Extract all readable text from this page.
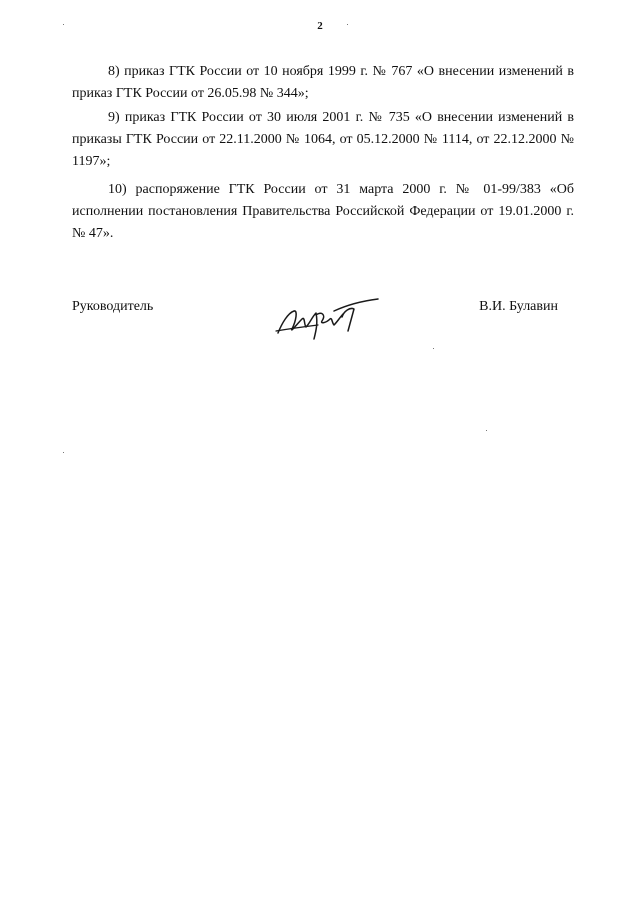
2
8) приказ ГТК России от 10 ноября 1999 г. № 767 «О внесении изменений в приказ ГТК России от 26.05.98 № 344»;
9) приказ ГТК России от 30 июля 2001 г. № 735 «О внесении изменений в приказы ГТК России от 22.11.2000 № 1064, от 05.12.2000 № 1114, от 22.12.2000 № 1197»;
10) распоряжение ГТК России от 31 марта 2000 г. № 01-99/383 «Об исполнении постановления Правительства Российской Федерации от 19.01.2000 г. № 47».
Руководитель	В.И. Булавин
